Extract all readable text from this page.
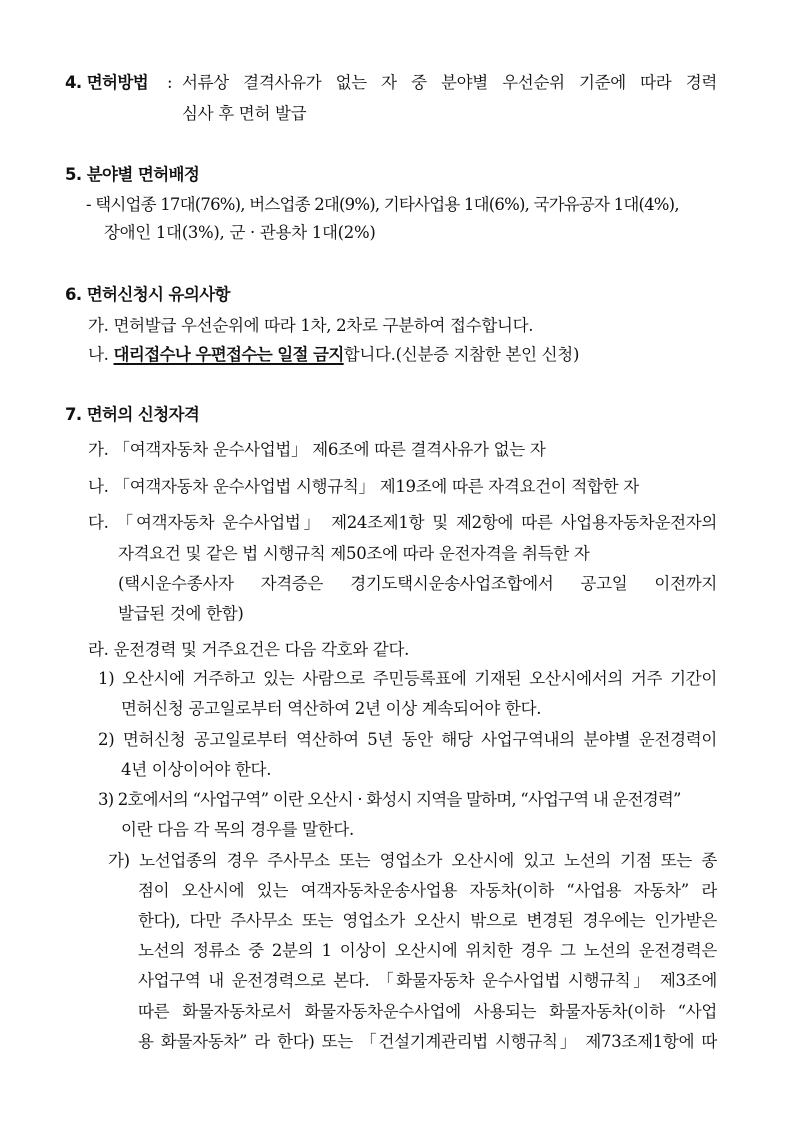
4. 면허방법 : 서류상 결격사유가 없는 자 중 분야별 우선순위 기준에 따라 경력
심사 후 면허 발급
5. 분야별 면허배정
- 택시업종 17대(76%), 버스업종 2대(9%), 기타사업용 1대(6%), 국가유공자 1대(4%),
장애인 1대(3%), 군 · 관용차 1대(2%)
6. 면허신청시 유의사항
가. 면허발급 우선순위에 따라 1차, 2차로 구분하여 접수합니다.
나. 대리접수나 우편접수는 일절 금지합니다.(신분증 지참한 본인 신청)
7. 면허의 신청자격
가. 「여객자동차 운수사업법」 제6조에 따른 결격사유가 없는 자
나. 「여객자동차 운수사업법 시행규칙」 제19조에 따른 자격요건이 적합한 자
다. 「여객자동차 운수사업법」 제24조제1항 및 제2항에 따른 사업용자동차운전자의
자격요건 및 같은 법 시행규칙 제50조에 따라 운전자격을 취득한 자
(택시운수종사자 자격증은 경기도택시운송사업조합에서 공고일 이전까지
발급된 것에 한함)
라. 운전경력 및 거주요건은 다음 각호와 같다.
1) 오산시에 거주하고 있는 사람으로 주민등록표에 기재된 오산시에서의 거주 기간이
면허신청 공고일로부터 역산하여 2년 이상 계속되어야 한다.
2) 면허신청 공고일로부터 역산하여 5년 동안 해당 사업구역내의 분야별 운전경력이
4년 이상이어야 한다.
3) 2호에서의 “사업구역” 이란 오산시 · 화성시 지역을 말하며, “사업구역 내 운전경력”
이란 다음 각 목의 경우를 말한다.
가) 노선업종의 경우 주사무소 또는 영업소가 오산시에 있고 노선의 기점 또는 종
점이 오산시에 있는 여객자동차운송사업용 자동차(이하 “사업용 자동차” 라
한다), 다만 주사무소 또는 영업소가 오산시 밖으로 변경된 경우에는 인가받은
노선의 정류소 중 2분의 1 이상이 오산시에 위치한 경우 그 노선의 운전경력은
사업구역 내 운전경력으로 본다. 「화물자동차 운수사업법 시행규칙」 제3조에
따른 화물자동차로서 화물자동차운수사업에 사용되는 화물자동차(이하 “사업
용 화물자동차” 라 한다) 또는 「건설기계관리법 시행규칙」 제73조제1항에 따
